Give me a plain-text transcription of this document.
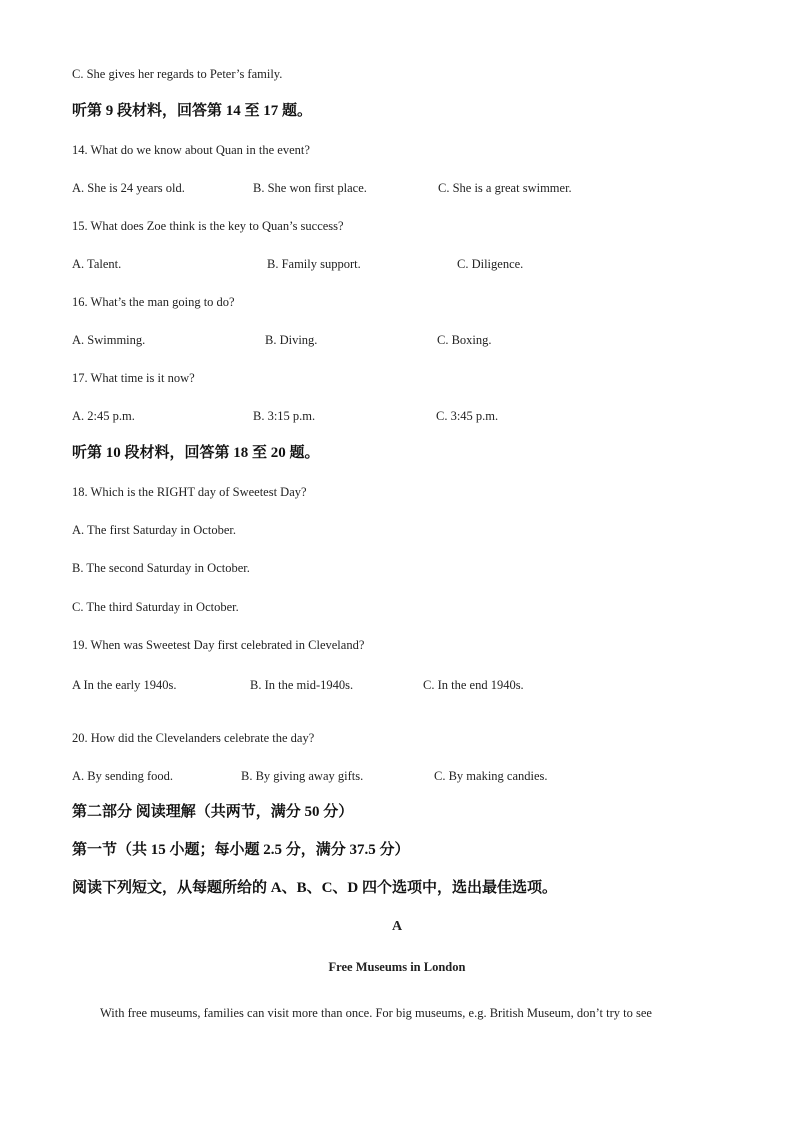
C. She gives her regards to Peter’s family.
听第 9 段材料，回答第 14 至 17 题。
14. What do we know about Quan in the event?
A. She is 24 years old.	B. She won first place.	C. She is a great swimmer.
15. What does Zoe think is the key to Quan’s success?
A. Talent.	B. Family support.	C. Diligence.
16. What’s the man going to do?
A. Swimming.	B. Diving.	C. Boxing.
17. What time is it now?
A. 2:45 p.m.	B. 3:15 p.m.	C. 3:45 p.m.
听第 10 段材料，回答第 18 至 20 题。
18. Which is the RIGHT day of Sweetest Day?
A. The first Saturday in October.
B. The second Saturday in October.
C. The third Saturday in October.
19. When was Sweetest Day first celebrated in Cleveland?
A In the early 1940s.	B. In the mid-1940s.	C. In the end 1940s.
20. How did the Clevelanders celebrate the day?
A. By sending food.	B. By giving away gifts.	C. By making candies.
第二部分 阅读理解（共两节，满分 50 分）
第一节（共 15 小题；每小题 2.5 分，满分 37.5 分）
阅读下列短文，从每题所给的 A、B、C、D 四个选项中，选出最佳选项。
A
Free Museums in London
With free museums, families can visit more than once. For big museums, e.g. British Museum, don’t try to see
